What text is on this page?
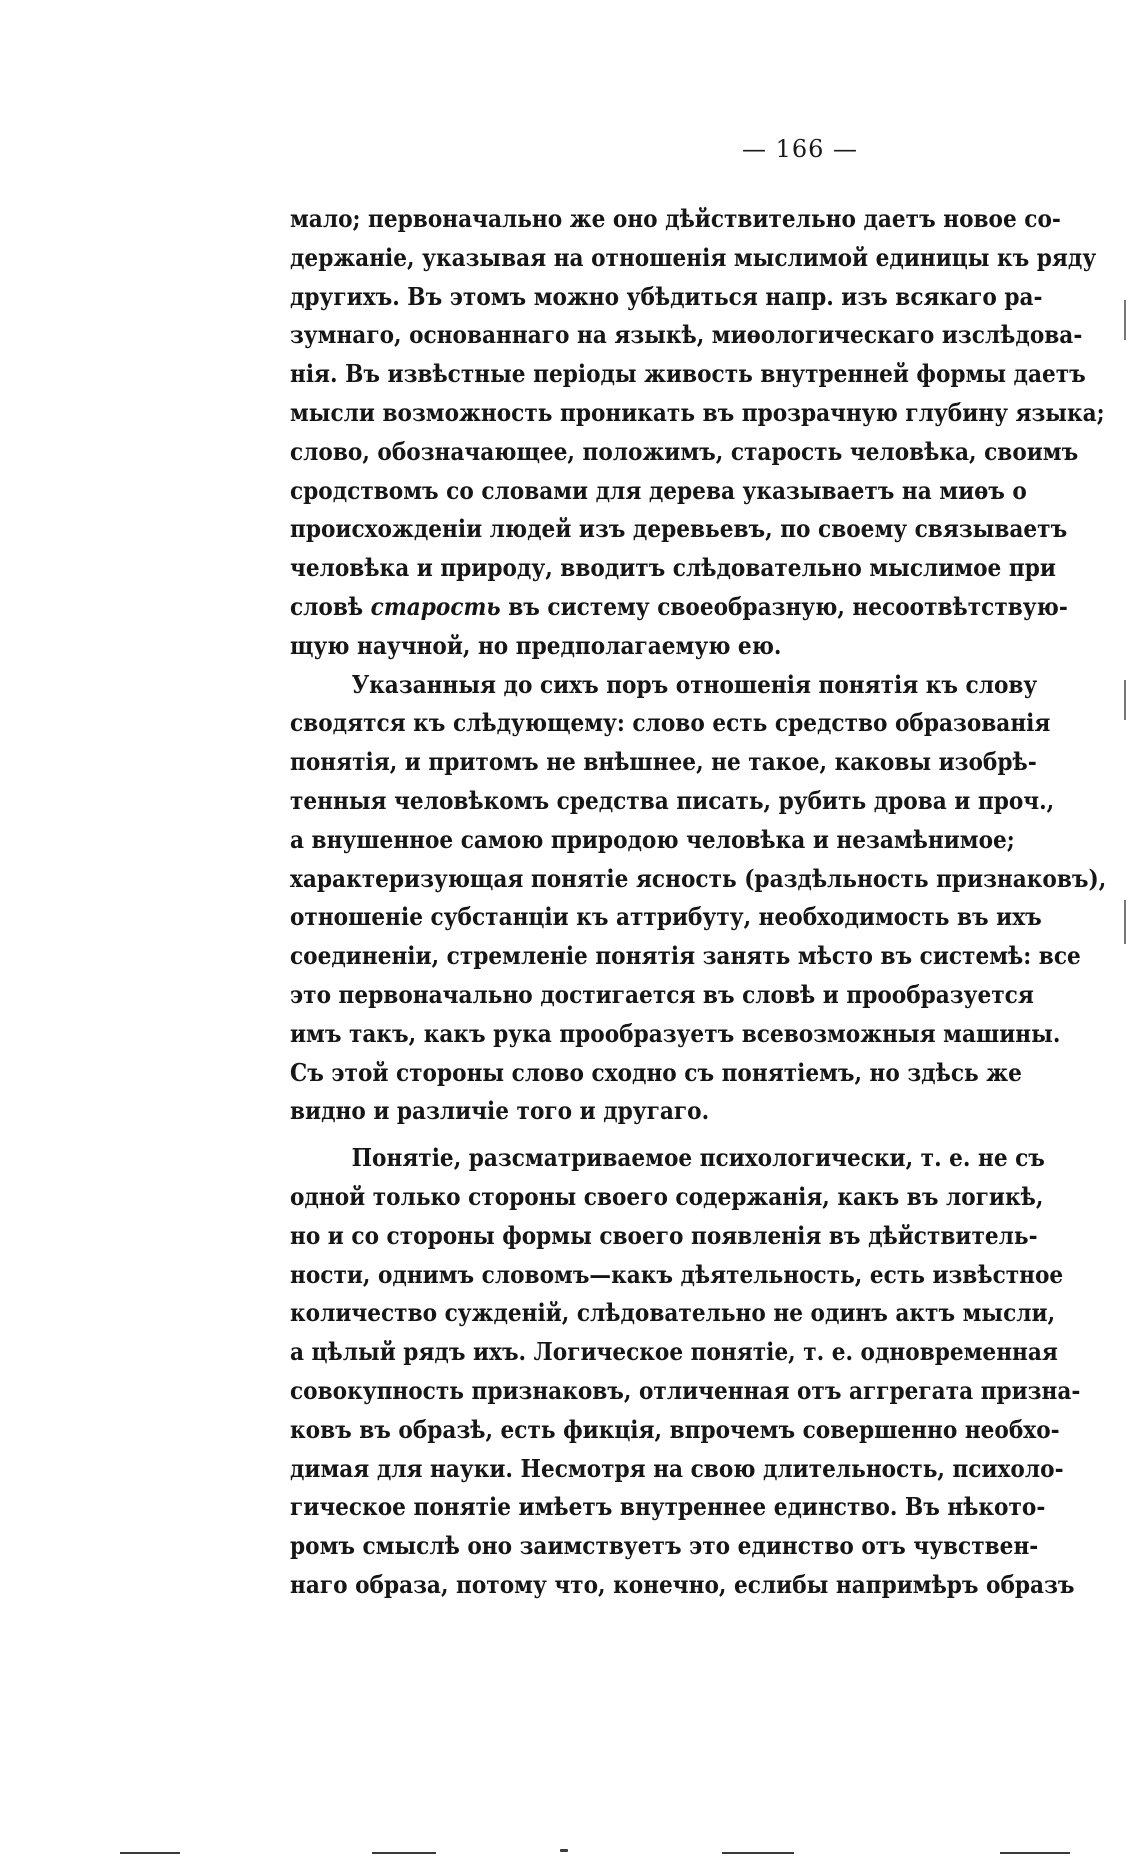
— 166 —
мало; первоначально же оно дѣйствительно даетъ новое со-
держаніе, указывая на отношенія мыслимой единицы къ ряду
другихъ. Въ этомъ можно убѣдиться напр. изъ всякаго ра-
зумнаго, основаннаго на языкѣ, миѳологическаго изслѣдова-
нія. Въ извѣстные періоды живость внутренней формы даетъ
мысли возможность проникать въ прозрачную глубину языка;
слово, обозначающее, положимъ, старость человѣка, своимъ
сродствомъ со словами для дерева указываетъ на миѳъ о
происхожденіи людей изъ деревьевъ, по своему связываетъ
человѣка и природу, вводитъ слѣдовательно мыслимое при
словѣ старость въ систему своеобразную, несоотвѣтствую-
щую научной, но предполагаемую ею.
Указанныя до сихъ поръ отношенія понятія къ слову
сводятся къ слѣдующему: слово есть средство образованія
понятія, и притомъ не внѣшнее, не такое, каковы изобрѣ-
тенныя человѣкомъ средства писать, рубить дрова и проч.,
а внушенное самою природою человѣка и незамѣнимое;
характеризующая понятіе ясность (раздѣльность признаковъ),
отношеніе субстанціи къ аттрибуту, необходимость въ ихъ
соединеніи, стремленіе понятія занять мѣсто въ системѣ: все
это первоначально достигается въ словѣ и прообразуется
имъ такъ, какъ рука прообразуетъ всевозможныя машины.
Съ этой стороны слово сходно съ понятіемъ, но здѣсь же
видно и различіе того и другаго.
Понятіе, разсматриваемое психологически, т. е. не съ
одной только стороны своего содержанія, какъ въ логикѣ,
но и со стороны формы своего появленія въ дѣйствитель-
ности, однимъ словомъ—какъ дѣятельность, есть извѣстное
количество сужденій, слѣдовательно не одинъ актъ мысли,
а цѣлый рядъ ихъ. Логическое понятіе, т. е. одновременная
совокупность признаковъ, отличенная отъ аггрегата призна-
ковъ въ образѣ, есть фикція, впрочемъ совершенно необхо-
димая для науки. Несмотря на свою длительность, психоло-
гическое понятіе имѣетъ внутреннее единство. Въ нѣкото-
ромъ смыслѣ оно заимствуетъ это единство отъ чувствен-
наго образа, потому что, конечно, еслибы напримѣръ образъ
